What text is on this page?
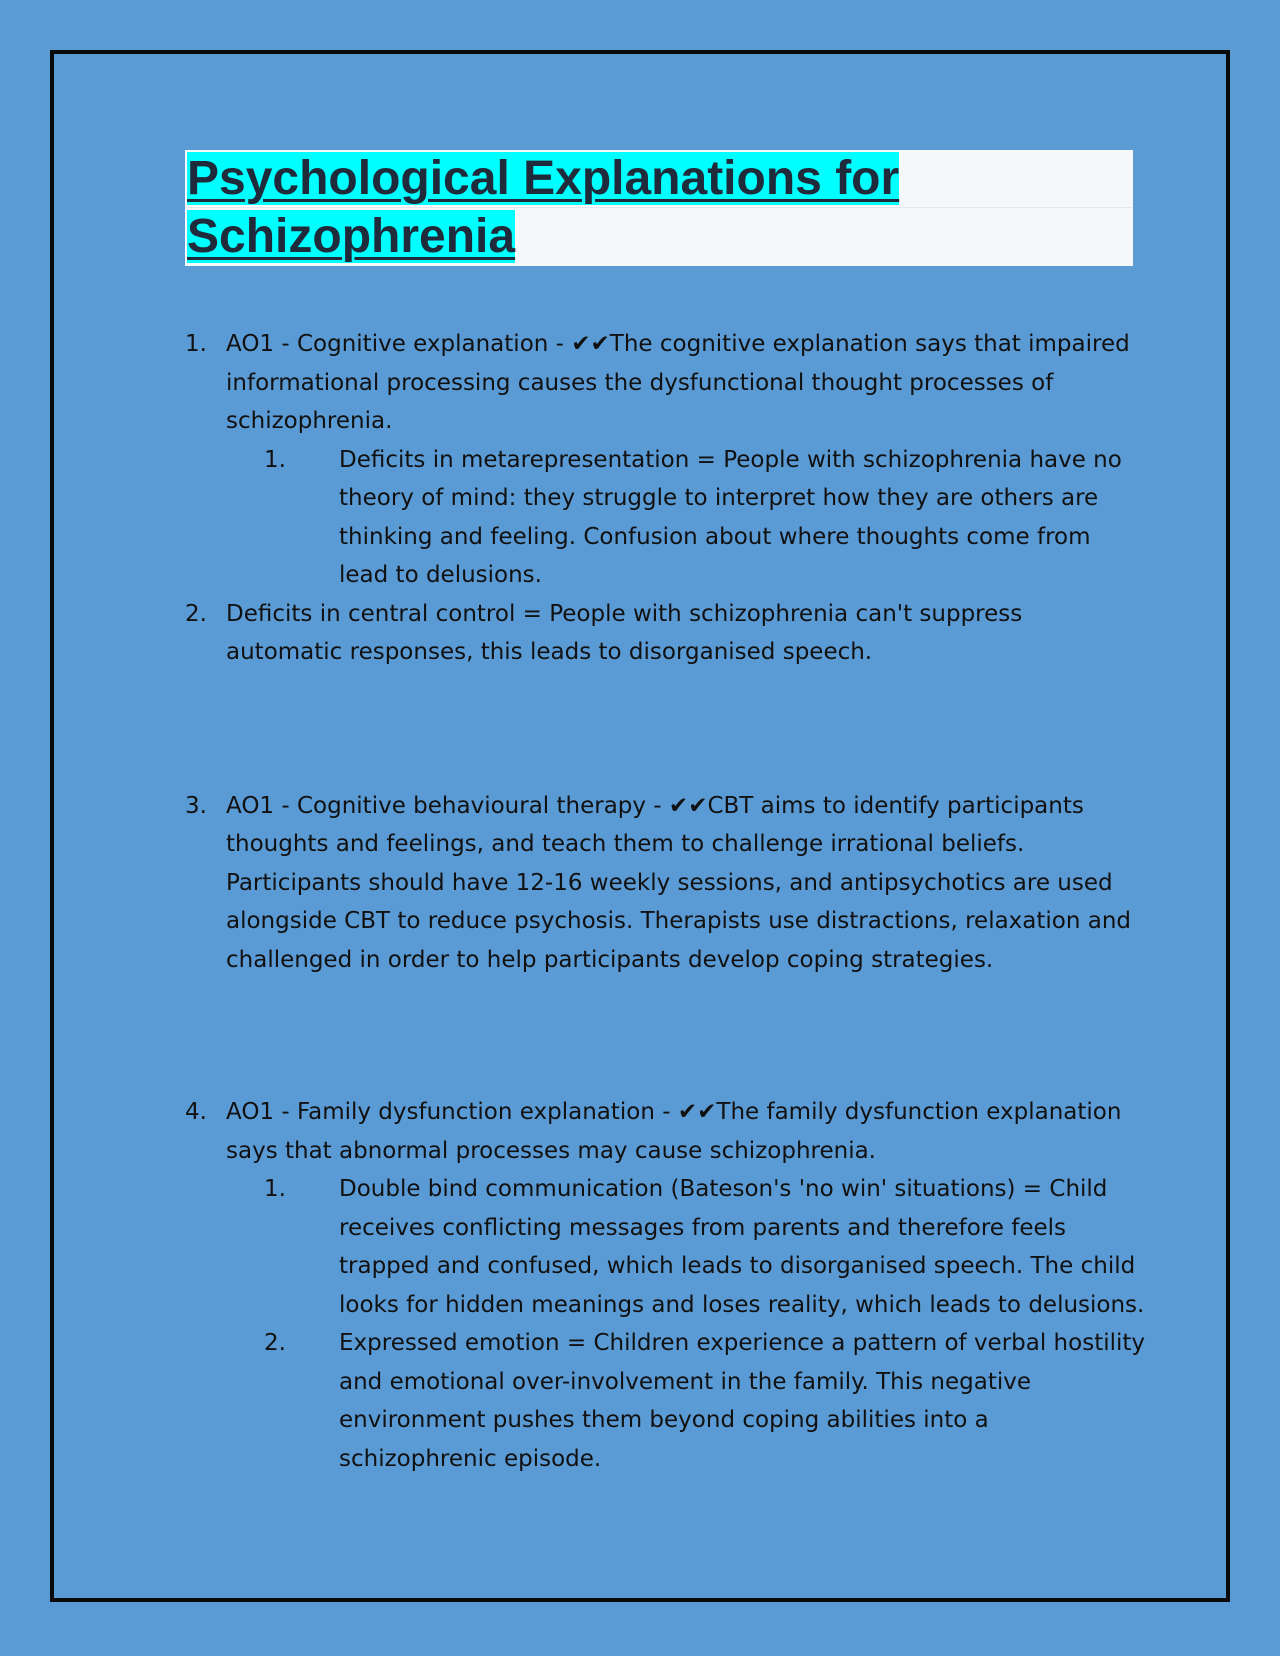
Psychological Explanations for
Schizophrenia
1. AO1 - Cognitive explanation - ✔✔The cognitive explanation says that impaired informational processing causes the dysfunctional thought processes of schizophrenia.
1. Deficits in metarepresentation = People with schizophrenia have no theory of mind: they struggle to interpret how they are others are thinking and feeling. Confusion about where thoughts come from lead to delusions.
2. Deficits in central control = People with schizophrenia can't suppress automatic responses, this leads to disorganised speech.
3. AO1 - Cognitive behavioural therapy - ✔✔CBT aims to identify participants thoughts and feelings, and teach them to challenge irrational beliefs. Participants should have 12-16 weekly sessions, and antipsychotics are used alongside CBT to reduce psychosis. Therapists use distractions, relaxation and challenged in order to help participants develop coping strategies.
4. AO1 - Family dysfunction explanation - ✔✔The family dysfunction explanation says that abnormal processes may cause schizophrenia.
1. Double bind communication (Bateson's 'no win' situations) = Child receives conflicting messages from parents and therefore feels trapped and confused, which leads to disorganised speech. The child looks for hidden meanings and loses reality, which leads to delusions.
2. Expressed emotion = Children experience a pattern of verbal hostility and emotional over-involvement in the family. This negative environment pushes them beyond coping abilities into a schizophrenic episode.
